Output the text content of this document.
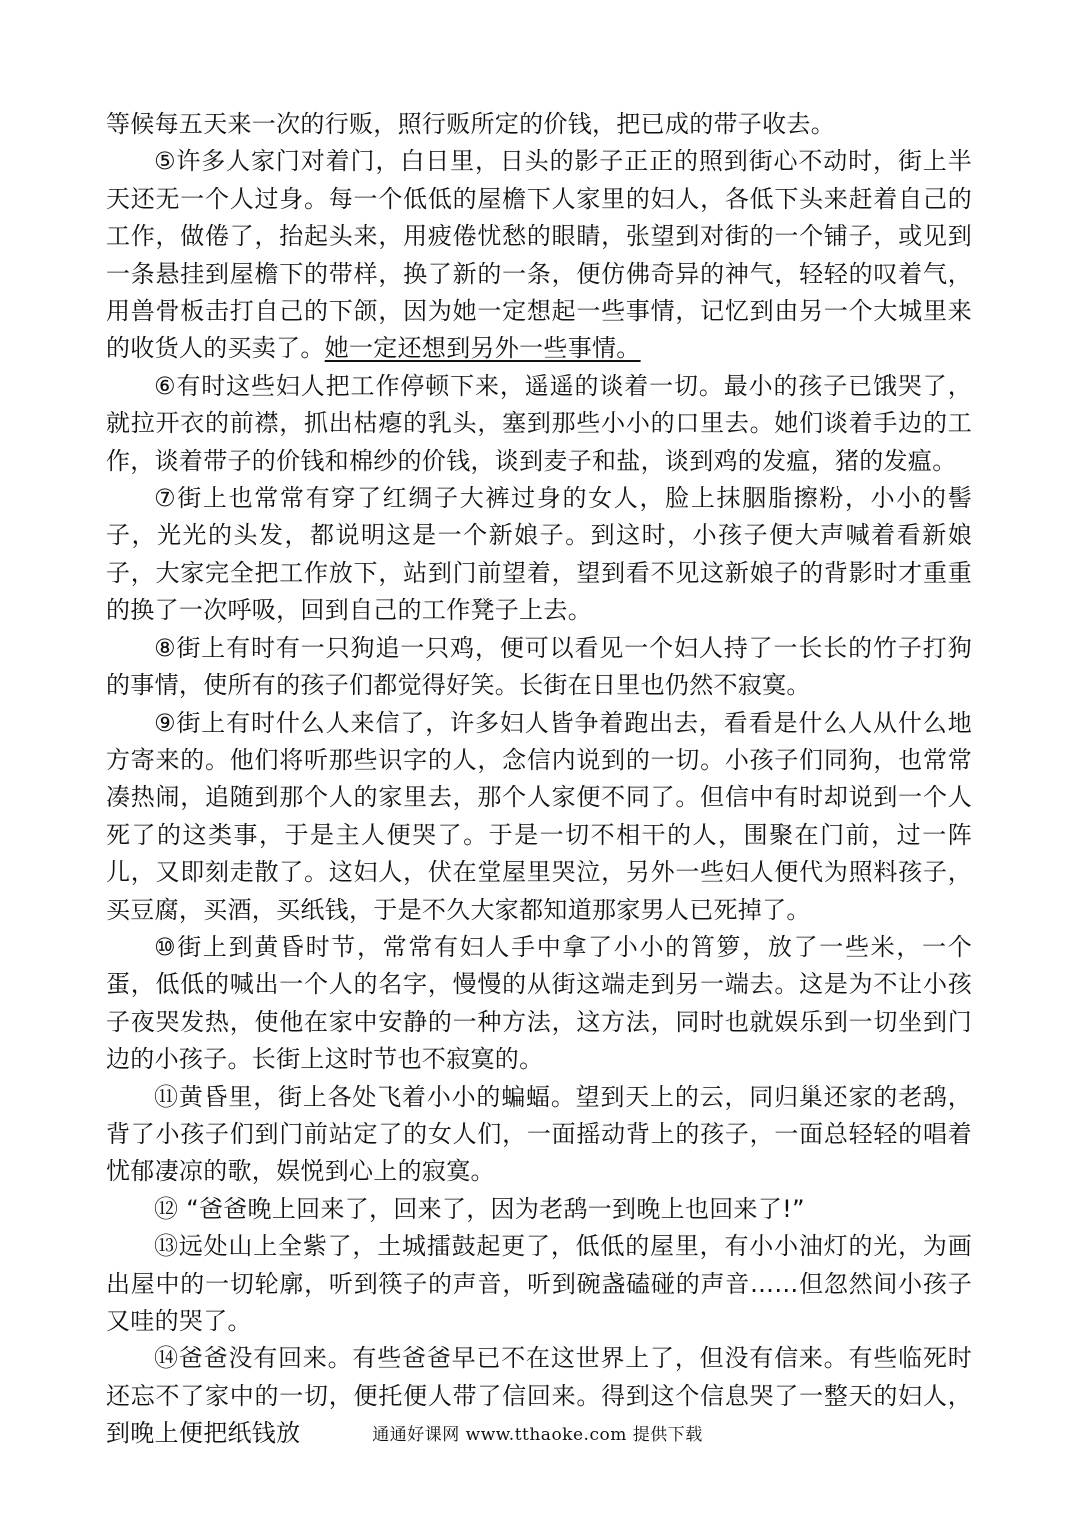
等候每五天来一次的行贩，照行贩所定的价钱，把已成的带子收去。

⑤许多人家门对着门，白日里，日头的影子正正的照到街心不动时，街上半天还无一个人过身。每一个低低的屋檐下人家里的妇人，各低下头来赶着自己的工作，做倦了，抬起头来，用疲倦忧愁的眼睛，张望到对街的一个铺子，或见到一条悬挂到屋檐下的带样，换了新的一条，便仿佛奇异的神气，轻轻的叹着气，用兽骨板击打自己的下颌，因为她一定想起一些事情，记忆到由另一个大城里来的收货人的买卖了。她一定还想到另外一些事情。

⑥有时这些妇人把工作停顿下来，遥遥的谈着一切。最小的孩子已饿哭了，就拉开衣的前襟，抓出枯瘪的乳头，塞到那些小小的口里去。她们谈着手边的工作，谈着带子的价钱和棉纱的价钱，谈到麦子和盐，谈到鸡的发瘟，猪的发瘟。

⑦街上也常常有穿了红绸子大裤过身的女人，脸上抹胭脂擦粉，小小的髻子，光光的头发，都说明这是一个新娘子。到这时，小孩子便大声喊着看新娘子，大家完全把工作放下，站到门前望着，望到看不见这新娘子的背影时才重重的换了一次呼吸，回到自己的工作凳子上去。

⑧街上有时有一只狗追一只鸡，便可以看见一个妇人持了一长长的竹子打狗的事情，使所有的孩子们都觉得好笑。长街在日里也仍然不寂寞。

⑨街上有时什么人来信了，许多妇人皆争着跑出去，看看是什么人从什么地方寄来的。他们将听那些识字的人，念信内说到的一切。小孩子们同狗，也常常凑热闹，追随到那个人的家里去，那个人家便不同了。但信中有时却说到一个人死了的这类事，于是主人便哭了。于是一切不相干的人，围聚在门前，过一阵儿，又即刻走散了。这妇人，伏在堂屋里哭泣，另外一些妇人便代为照料孩子，买豆腐，买酒，买纸钱，于是不久大家都知道那家男人已死掉了。

⑩街上到黄昏时节，常常有妇人手中拿了小小的筲箩，放了一些米，一个蛋，低低的喊出一个人的名字，慢慢的从街这端走到另一端去。这是为不让小孩子夜哭发热，使他在家中安静的一种方法，这方法，同时也就娱乐到一切坐到门边的小孩子。长街上这时节也不寂寞的。

⑪黄昏里，街上各处飞着小小的蝙蝠。望到天上的云，同归巢还家的老鸹，背了小孩子们到门前站定了的女人们，一面摇动背上的孩子，一面总轻轻的唱着忧郁凄凉的歌，娱悦到心上的寂寞。

⑫ “爸爸晚上回来了，回来了，因为老鸹一到晚上也回来了!”

⑬远处山上全紫了，土城擂鼓起更了，低低的屋里，有小小油灯的光，为画出屋中的一切轮廓，听到筷子的声音，听到碗盏磕碰的声音……但忽然间小孩子又哇的哭了。

⑭爸爸没有回来。有些爸爸早已不在这世界上了，但没有信来。有些临死时还忘不了家中的一切，便托便人带了信回来。得到这个信息哭了一整天的妇人，到晚上便把纸钱放	通通好课网 www.tthaoke.com 提供下载
